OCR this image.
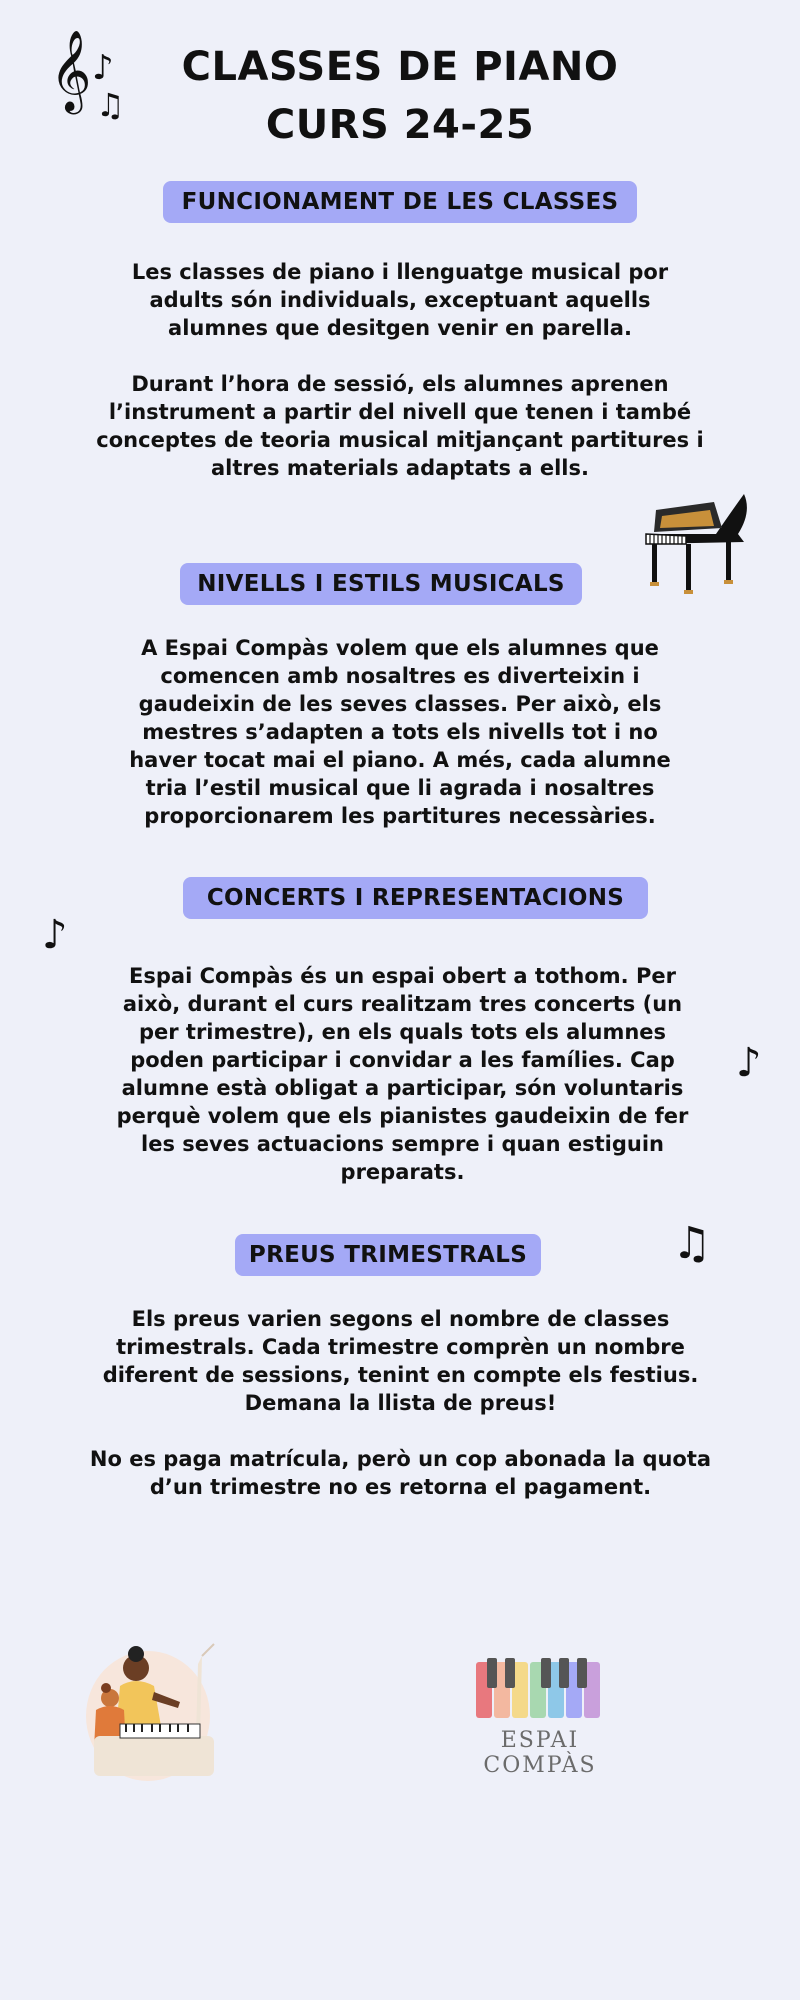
CLASSES DE PIANO
CURS 24-25
𝄞 ♪
♫
FUNCIONAMENT DE LES CLASSES

Les classes de piano i llenguatge musical por adults són individuals, exceptuant aquells alumnes que desitgen venir en parella.

Durant l’hora de sessió, els alumnes aprenen l’instrument a partir del nivell que tenen i també conceptes de teoria musical mitjançant partitures i altres materials adaptats a ells.

NIVELLS I ESTILS MUSICALS

A Espai Compàs volem que els alumnes que comencen amb nosaltres es diverteixin i gaudeixin de les seves classes. Per això, els mestres s’adapten a tots els nivells tot i no haver tocat mai el piano. A més, cada alumne tria l’estil musical que li agrada i nosaltres proporcionarem les partitures necessàries.

CONCERTS I REPRESENTACIONS
♪

Espai Compàs és un espai obert a tothom. Per això, durant el curs realitzam tres concerts (un per trimestre), en els quals tots els alumnes poden participar i convidar a les famílies. Cap alumne està obligat a participar, són voluntaris perquè volem que els pianistes gaudeixin de fer les seves actuacions sempre i quan estiguin preparats.

♪
PREUS TRIMESTRALS	♫

Els preus varien segons el nombre de classes trimestrals. Cada trimestre comprèn un nombre diferent de sessions, tenint en compte els festius. Demana la llista de preus!

No es paga matrícula, però un cop abonada la quota d’un trimestre no es retorna el pagament.

ESPAI COMPÀS
